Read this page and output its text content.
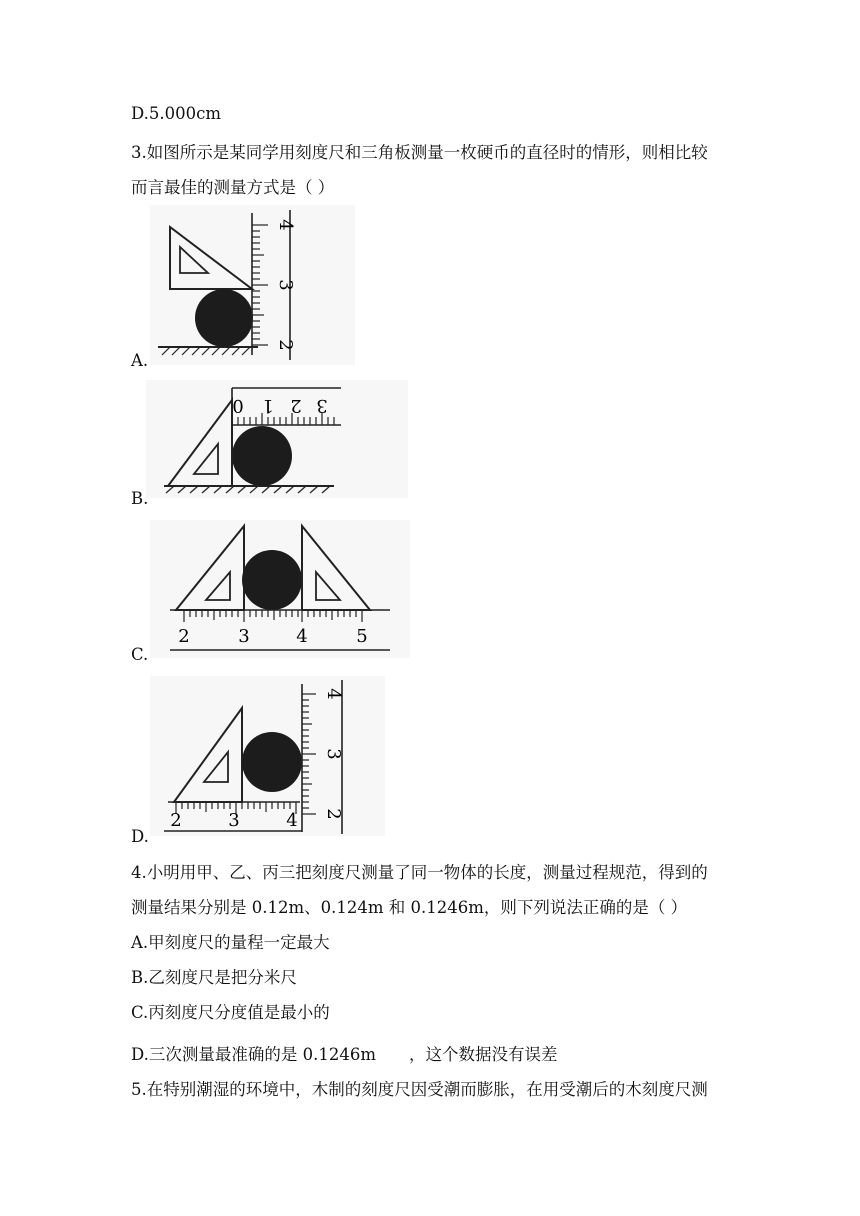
D.5.000cm
3.如图所示是某同学用刻度尺和三角板测量一枚硬币的直径时的情形，则相比较
而言最佳的测量方式是（ ）
4
3
2
A.
0 1 2 3
B.
2	3	4	5
C.
2	3	4
4
3
2
D.
4.小明用甲、乙、丙三把刻度尺测量了同一物体的长度，测量过程规范，得到的
测量结果分别是 0.12m、0.124m 和 0.1246m，则下列说法正确的是（ ）
A.甲刻度尺的量程一定最大
B.乙刻度尺是把分米尺
C.丙刻度尺分度值是最小的
D.三次测量最准确的是 0.1246m　　，这个数据没有误差
5.在特别潮湿的环境中，木制的刻度尺因受潮而膨胀，在用受潮后的木刻度尺测
